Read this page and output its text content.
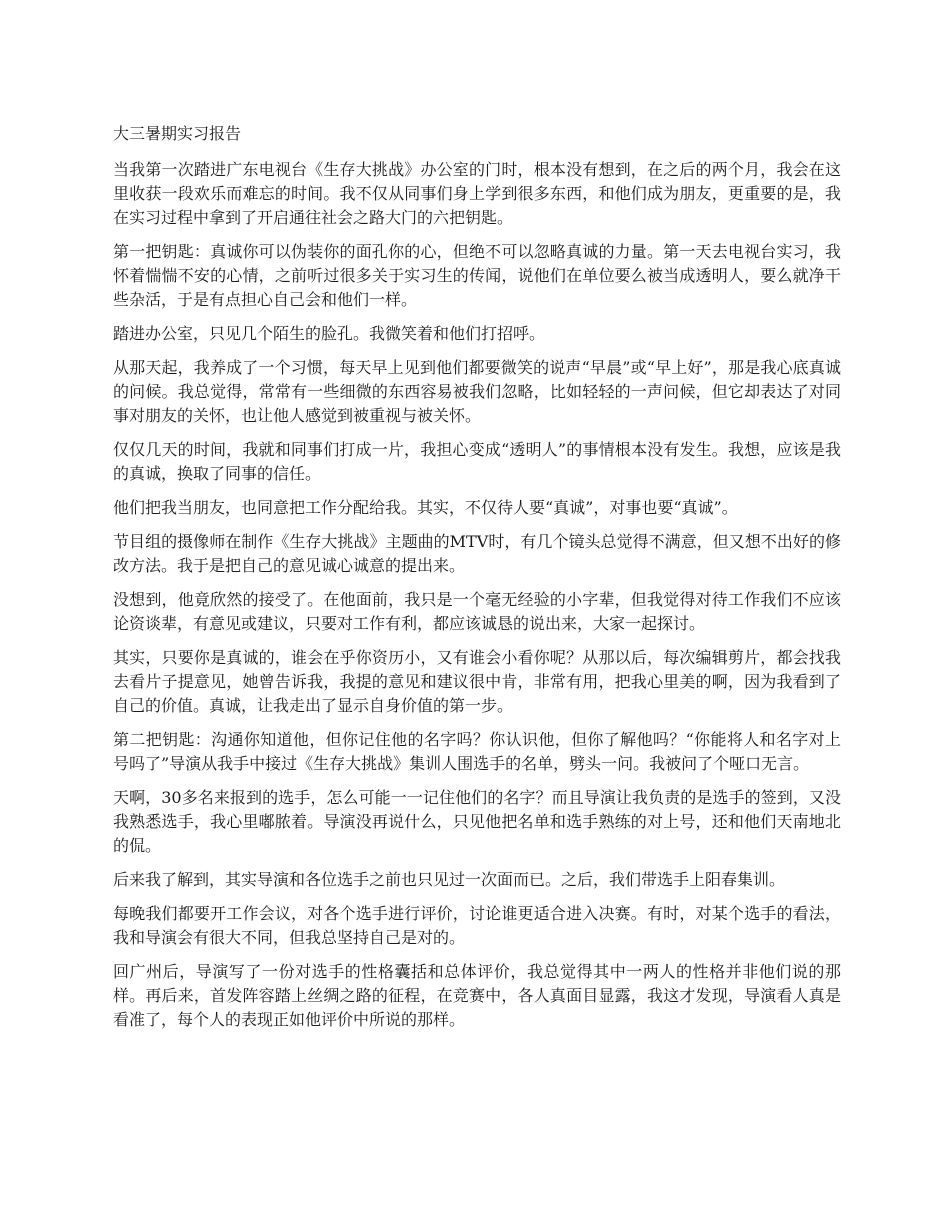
大三暑期实习报告

当我第一次踏进广东电视台《生存大挑战》办公室的门时，根本没有想到，在之后的两个月，我会在这里收获一段欢乐而难忘的时间。我不仅从同事们身上学到很多东西，和他们成为朋友，更重要的是，我在实习过程中拿到了开启通往社会之路大门的六把钥匙。

第一把钥匙：真诚你可以伪装你的面孔你的心，但绝不可以忽略真诚的力量。第一天去电视台实习，我怀着惴惴不安的心情，之前听过很多关于实习生的传闻，说他们在单位要么被当成透明人，要么就净干些杂活，于是有点担心自己会和他们一样。

踏进办公室，只见几个陌生的脸孔。我微笑着和他们打招呼。

从那天起，我养成了一个习惯，每天早上见到他们都要微笑的说声“早晨”或“早上好”，那是我心底真诚的问候。我总觉得，常常有一些细微的东西容易被我们忽略，比如轻轻的一声问候，但它却表达了对同事对朋友的关怀，也让他人感觉到被重视与被关怀。

仅仅几天的时间，我就和同事们打成一片，我担心变成“透明人”的事情根本没有发生。我想，应该是我的真诚，换取了同事的信任。

他们把我当朋友，也同意把工作分配给我。其实，不仅待人要“真诚”，对事也要“真诚”。

节目组的摄像师在制作《生存大挑战》主题曲的MTV时，有几个镜头总觉得不满意，但又想不出好的修改方法。我于是把自己的意见诚心诚意的提出来。

没想到，他竟欣然的接受了。在他面前，我只是一个毫无经验的小字辈，但我觉得对待工作我们不应该论资谈辈，有意见或建议，只要对工作有利，都应该诚恳的说出来，大家一起探讨。

其实，只要你是真诚的，谁会在乎你资历小，又有谁会小看你呢？从那以后，每次编辑剪片，都会找我去看片子提意见，她曾告诉我，我提的意见和建议很中肯，非常有用，把我心里美的啊，因为我看到了自己的价值。真诚，让我走出了显示自身价值的第一步。

第二把钥匙：沟通你知道他，但你记住他的名字吗？你认识他，但你了解他吗？“你能将人和名字对上号吗了”导演从我手中接过《生存大挑战》集训人围选手的名单，劈头一问。我被问了个哑口无言。

天啊，30多名来报到的选手，怎么可能一一记住他们的名字？而且导演让我负责的是选手的签到，又没我熟悉选手，我心里嘟脓着。导演没再说什么，只见他把名单和选手熟练的对上号，还和他们天南地北的侃。

后来我了解到，其实导演和各位选手之前也只见过一次面而已。之后，我们带选手上阳春集训。

每晚我们都要开工作会议，对各个选手进行评价，讨论谁更适合进入决赛。有时，对某个选手的看法，我和导演会有很大不同，但我总坚持自己是对的。

回广州后，导演写了一份对选手的性格囊括和总体评价，我总觉得其中一两人的性格并非他们说的那样。再后来，首发阵容踏上丝绸之路的征程，在竞赛中，各人真面目显露，我这才发现，导演看人真是看准了，每个人的表现正如他评价中所说的那样。
